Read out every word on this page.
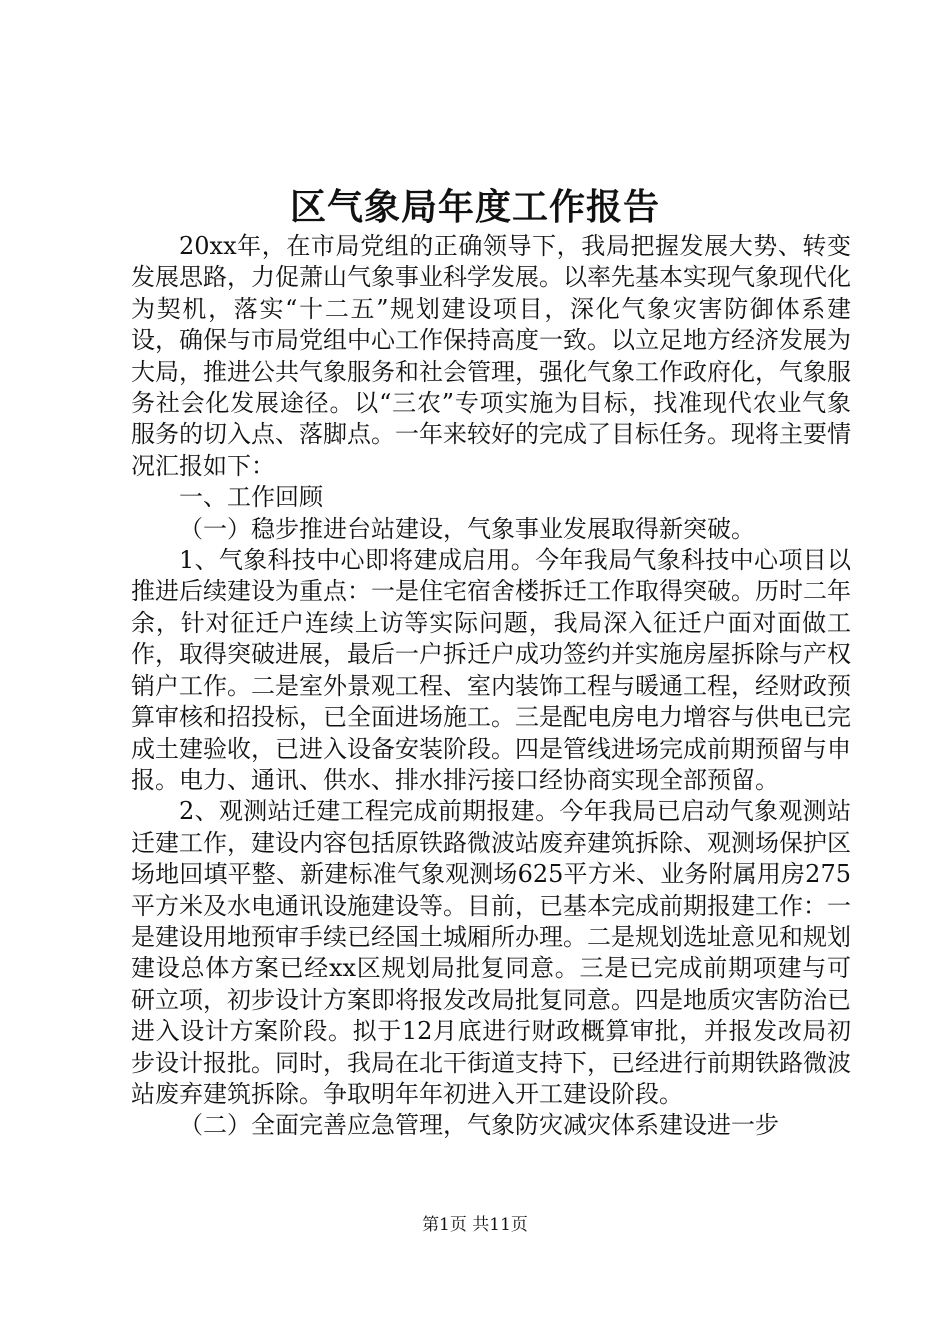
区气象局年度工作报告

20xx年，在市局党组的正确领导下，我局把握发展大势、转变发展思路，力促萧山气象事业科学发展。以率先基本实现气象现代化为契机，落实“十二五”规划建设项目，深化气象灾害防御体系建设，确保与市局党组中心工作保持高度一致。以立足地方经济发展为大局，推进公共气象服务和社会管理，强化气象工作政府化，气象服务社会化发展途径。以“三农”专项实施为目标，找准现代农业气象服务的切入点、落脚点。一年来较好的完成了目标任务。现将主要情况汇报如下：

一、工作回顾

（一）稳步推进台站建设，气象事业发展取得新突破。

1、气象科技中心即将建成启用。今年我局气象科技中心项目以推进后续建设为重点：一是住宅宿舍楼拆迁工作取得突破。历时二年余，针对征迁户连续上访等实际问题，我局深入征迁户面对面做工作，取得突破进展，最后一户拆迁户成功签约并实施房屋拆除与产权销户工作。二是室外景观工程、室内装饰工程与暖通工程，经财政预算审核和招投标，已全面进场施工。三是配电房电力增容与供电已完成土建验收，已进入设备安装阶段。四是管线进场完成前期预留与申报。电力、通讯、供水、排水排污接口经协商实现全部预留。

2、观测站迁建工程完成前期报建。今年我局已启动气象观测站迁建工作，建设内容包括原铁路微波站废弃建筑拆除、观测场保护区场地回填平整、新建标准气象观测场625平方米、业务附属用房275平方米及水电通讯设施建设等。目前，已基本完成前期报建工作：一是建设用地预审手续已经国土城厢所办理。二是规划选址意见和规划建设总体方案已经xx区规划局批复同意。三是已完成前期项建与可研立项，初步设计方案即将报发改局批复同意。四是地质灾害防治已进入设计方案阶段。拟于12月底进行财政概算审批，并报发改局初步设计报批。同时，我局在北干街道支持下，已经进行前期铁路微波站废弃建筑拆除。争取明年年初进入开工建设阶段。

（二）全面完善应急管理，气象防灾减灾体系建设进一步

第1页 共11页
